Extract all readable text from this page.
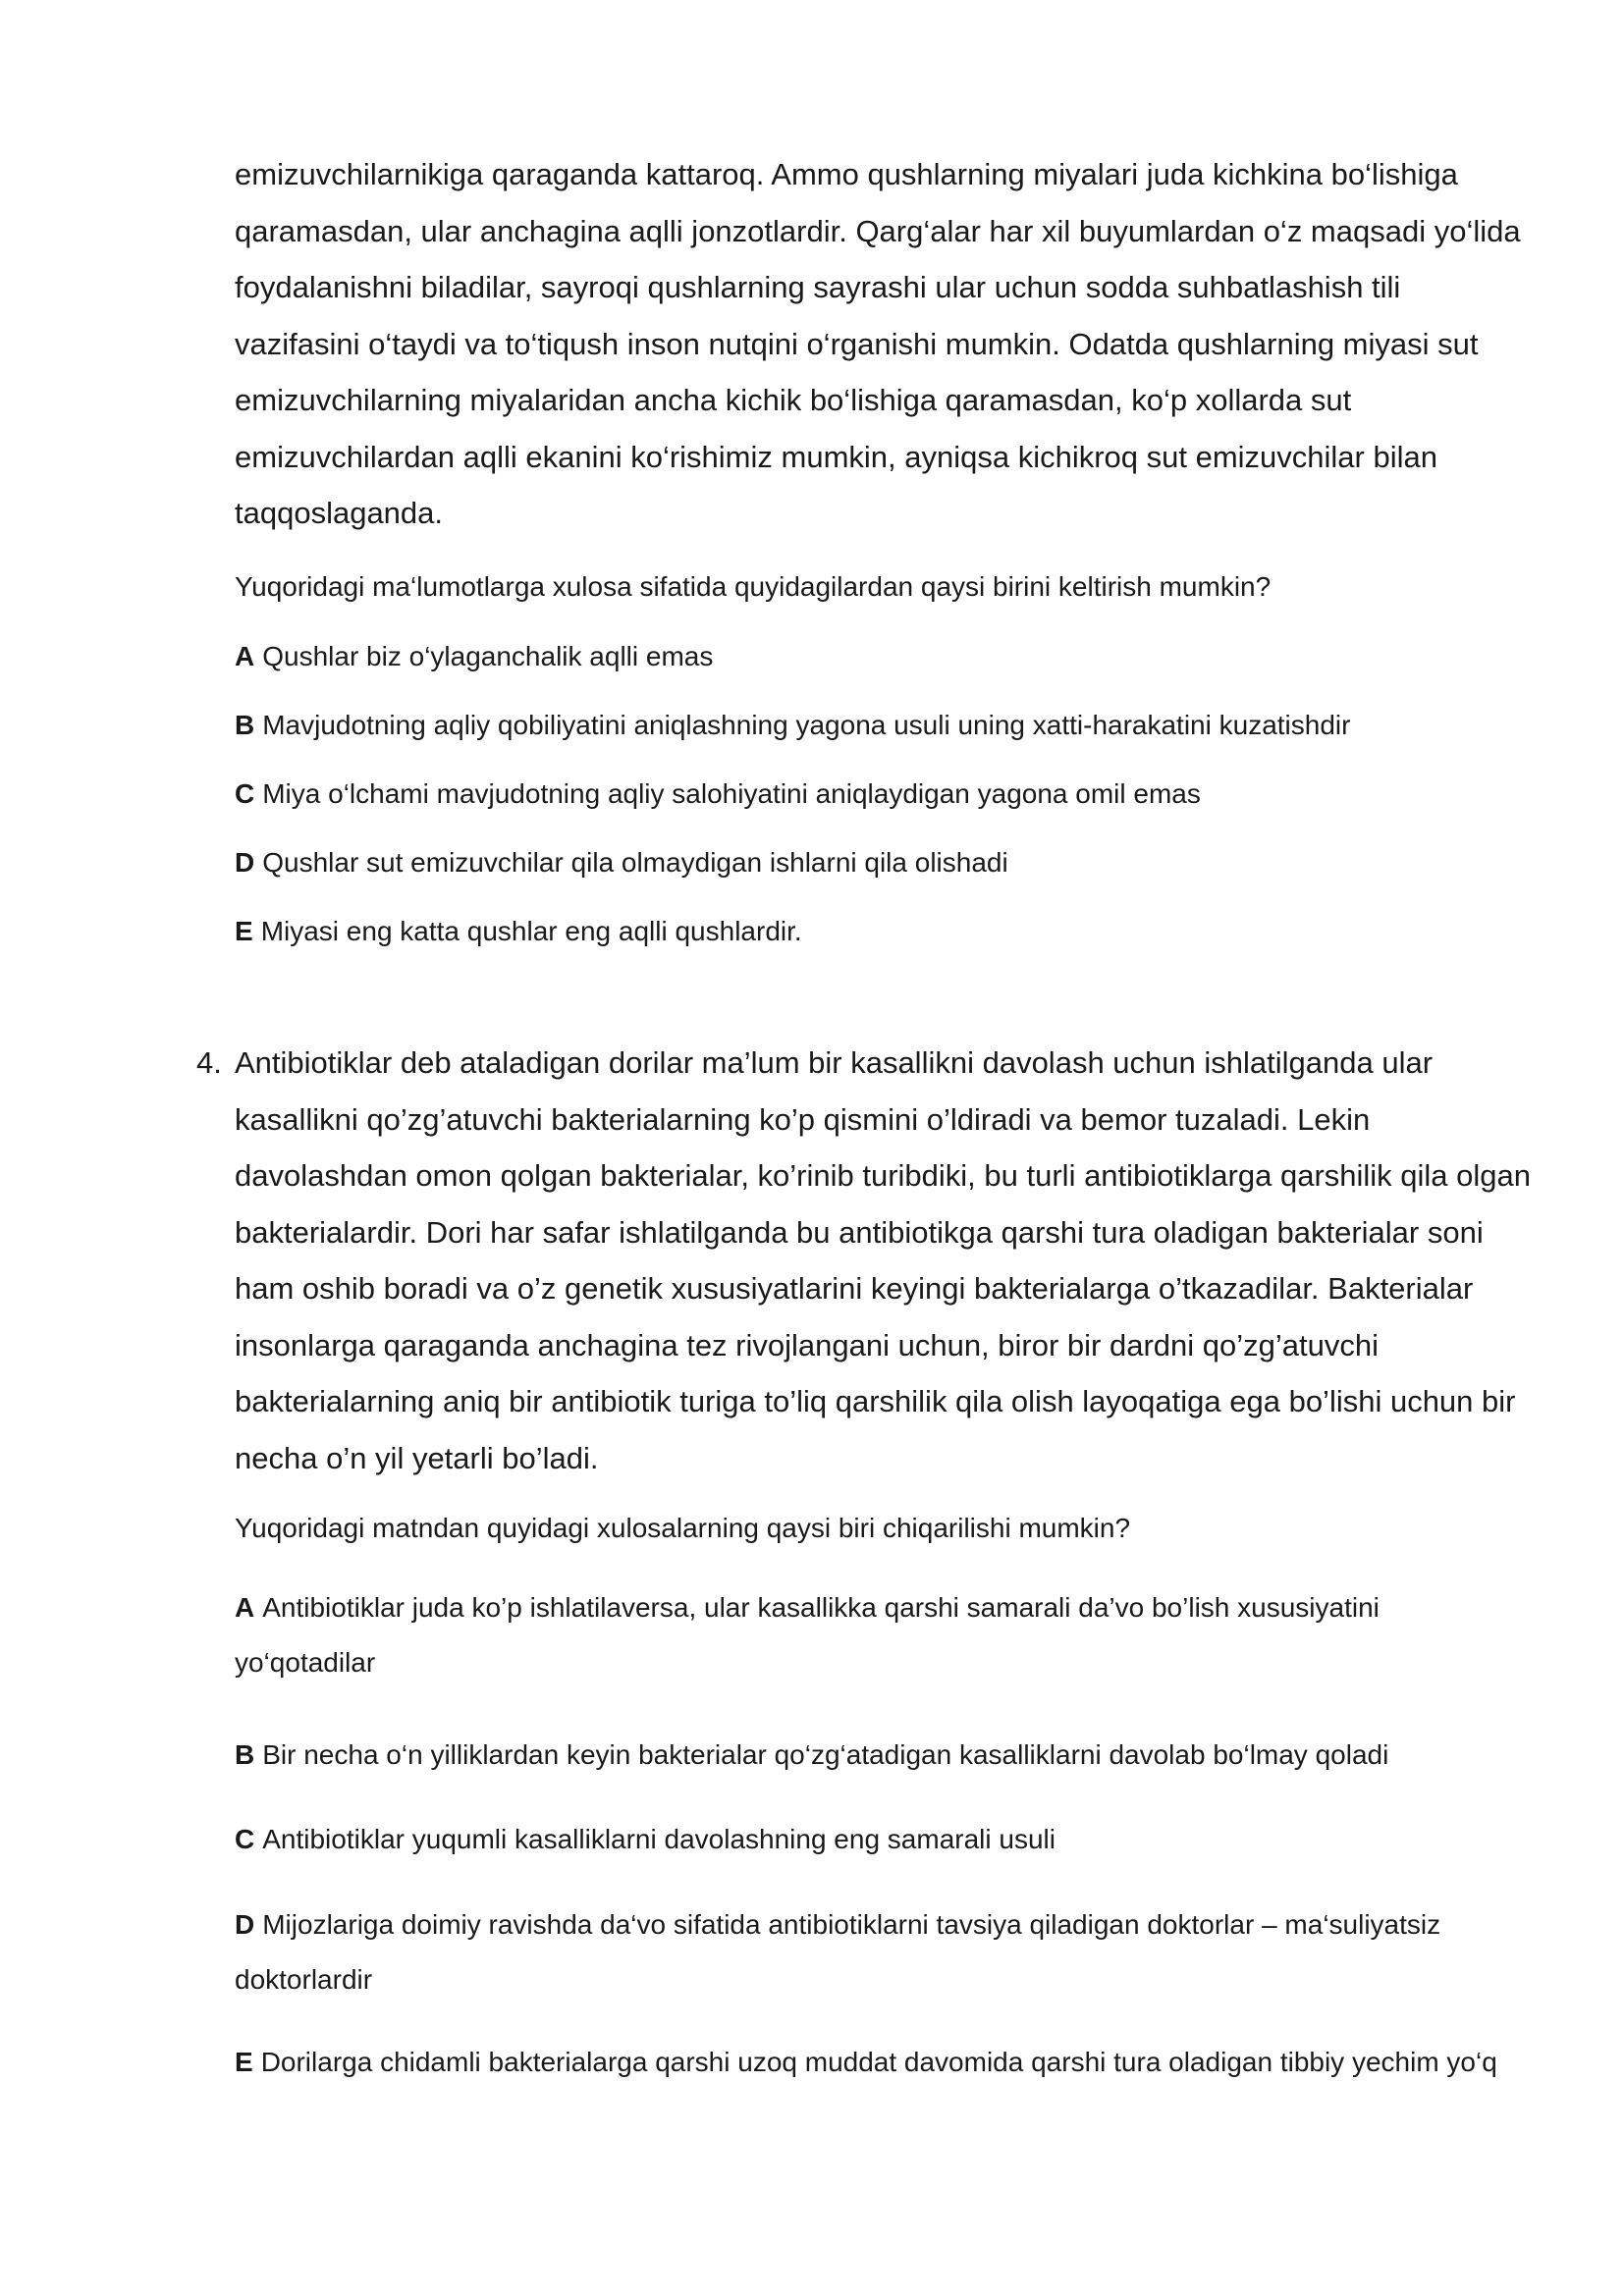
emizuvchilarnikiga qaraganda kattaroq. Ammo qushlarning miyalari juda kichkina bo‘lishiga qaramasdan, ular anchagina aqlli jonzotlardir. Qarg‘alar har xil buyumlardan o‘z maqsadi yo‘lida foydalanishni biladilar, sayroqi qushlarning sayrashi ular uchun sodda suhbatlashish tili vazifasini o‘taydi va to‘tiqush inson nutqini o‘rganishi mumkin. Odatda qushlarning miyasi sut emizuvchilarning miyalaridan ancha kichik bo‘lishiga qaramasdan, ko‘p xollarda sut emizuvchilardan aqlli ekanini ko‘rishimiz mumkin, ayniqsa kichikroq sut emizuvchilar bilan taqqoslaganda.

Yuqoridagi ma‘lumotlarga xulosa sifatida quyidagilardan qaysi birini keltirish mumkin?

A Qushlar biz o‘ylaganchalik aqlli emas

B Mavjudotning aqliy qobiliyatini aniqlashning yagona usuli uning xatti-harakatini kuzatishdir

C Miya o‘lchami mavjudotning aqliy salohiyatini aniqlaydigan yagona omil emas

D Qushlar sut emizuvchilar qila olmaydigan ishlarni qila olishadi

E Miyasi eng katta qushlar eng aqlli qushlardir.

4. Antibiotiklar deb ataladigan dorilar ma’lum bir kasallikni davolash uchun ishlatilganda ular kasallikni qo’zg’atuvchi bakterialarning ko’p qismini o’ldiradi va bemor tuzaladi. Lekin davolashdan omon qolgan bakterialar, ko’rinib turibdiki, bu turli antibiotiklarga qarshilik qila olgan bakterialardir. Dori har safar ishlatilganda bu antibiotikga qarshi tura oladigan bakterialar soni ham oshib boradi va o’z genetik xususiyatlarini keyingi bakterialarga o’tkazadilar. Bakterialar insonlarga qaraganda anchagina tez rivojlangani uchun, biror bir dardni qo’zg’atuvchi bakterialarning aniq bir antibiotik turiga to’liq qarshilik qila olish layoqatiga ega bo’lishi uchun bir necha o’n yil yetarli bo’ladi.

Yuqoridagi matndan quyidagi xulosalarning qaysi biri chiqarilishi mumkin?

A Antibiotiklar juda ko’p ishlatilaversa, ular kasallikka qarshi samarali da’vo bo’lish xususiyatini yo‘qotadilar

B Bir necha o‘n yilliklardan keyin bakterialar qo‘zg‘atadigan kasalliklarni davolab bo‘lmay qoladi

C Antibiotiklar yuqumli kasalliklarni davolashning eng samarali usuli

D Mijozlariga doimiy ravishda da‘vo sifatida antibiotiklarni tavsiya qiladigan doktorlar – ma‘suliyatsiz doktorlardir

E Dorilarga chidamli bakterialarga qarshi uzoq muddat davomida qarshi tura oladigan tibbiy yechim yo‘q
